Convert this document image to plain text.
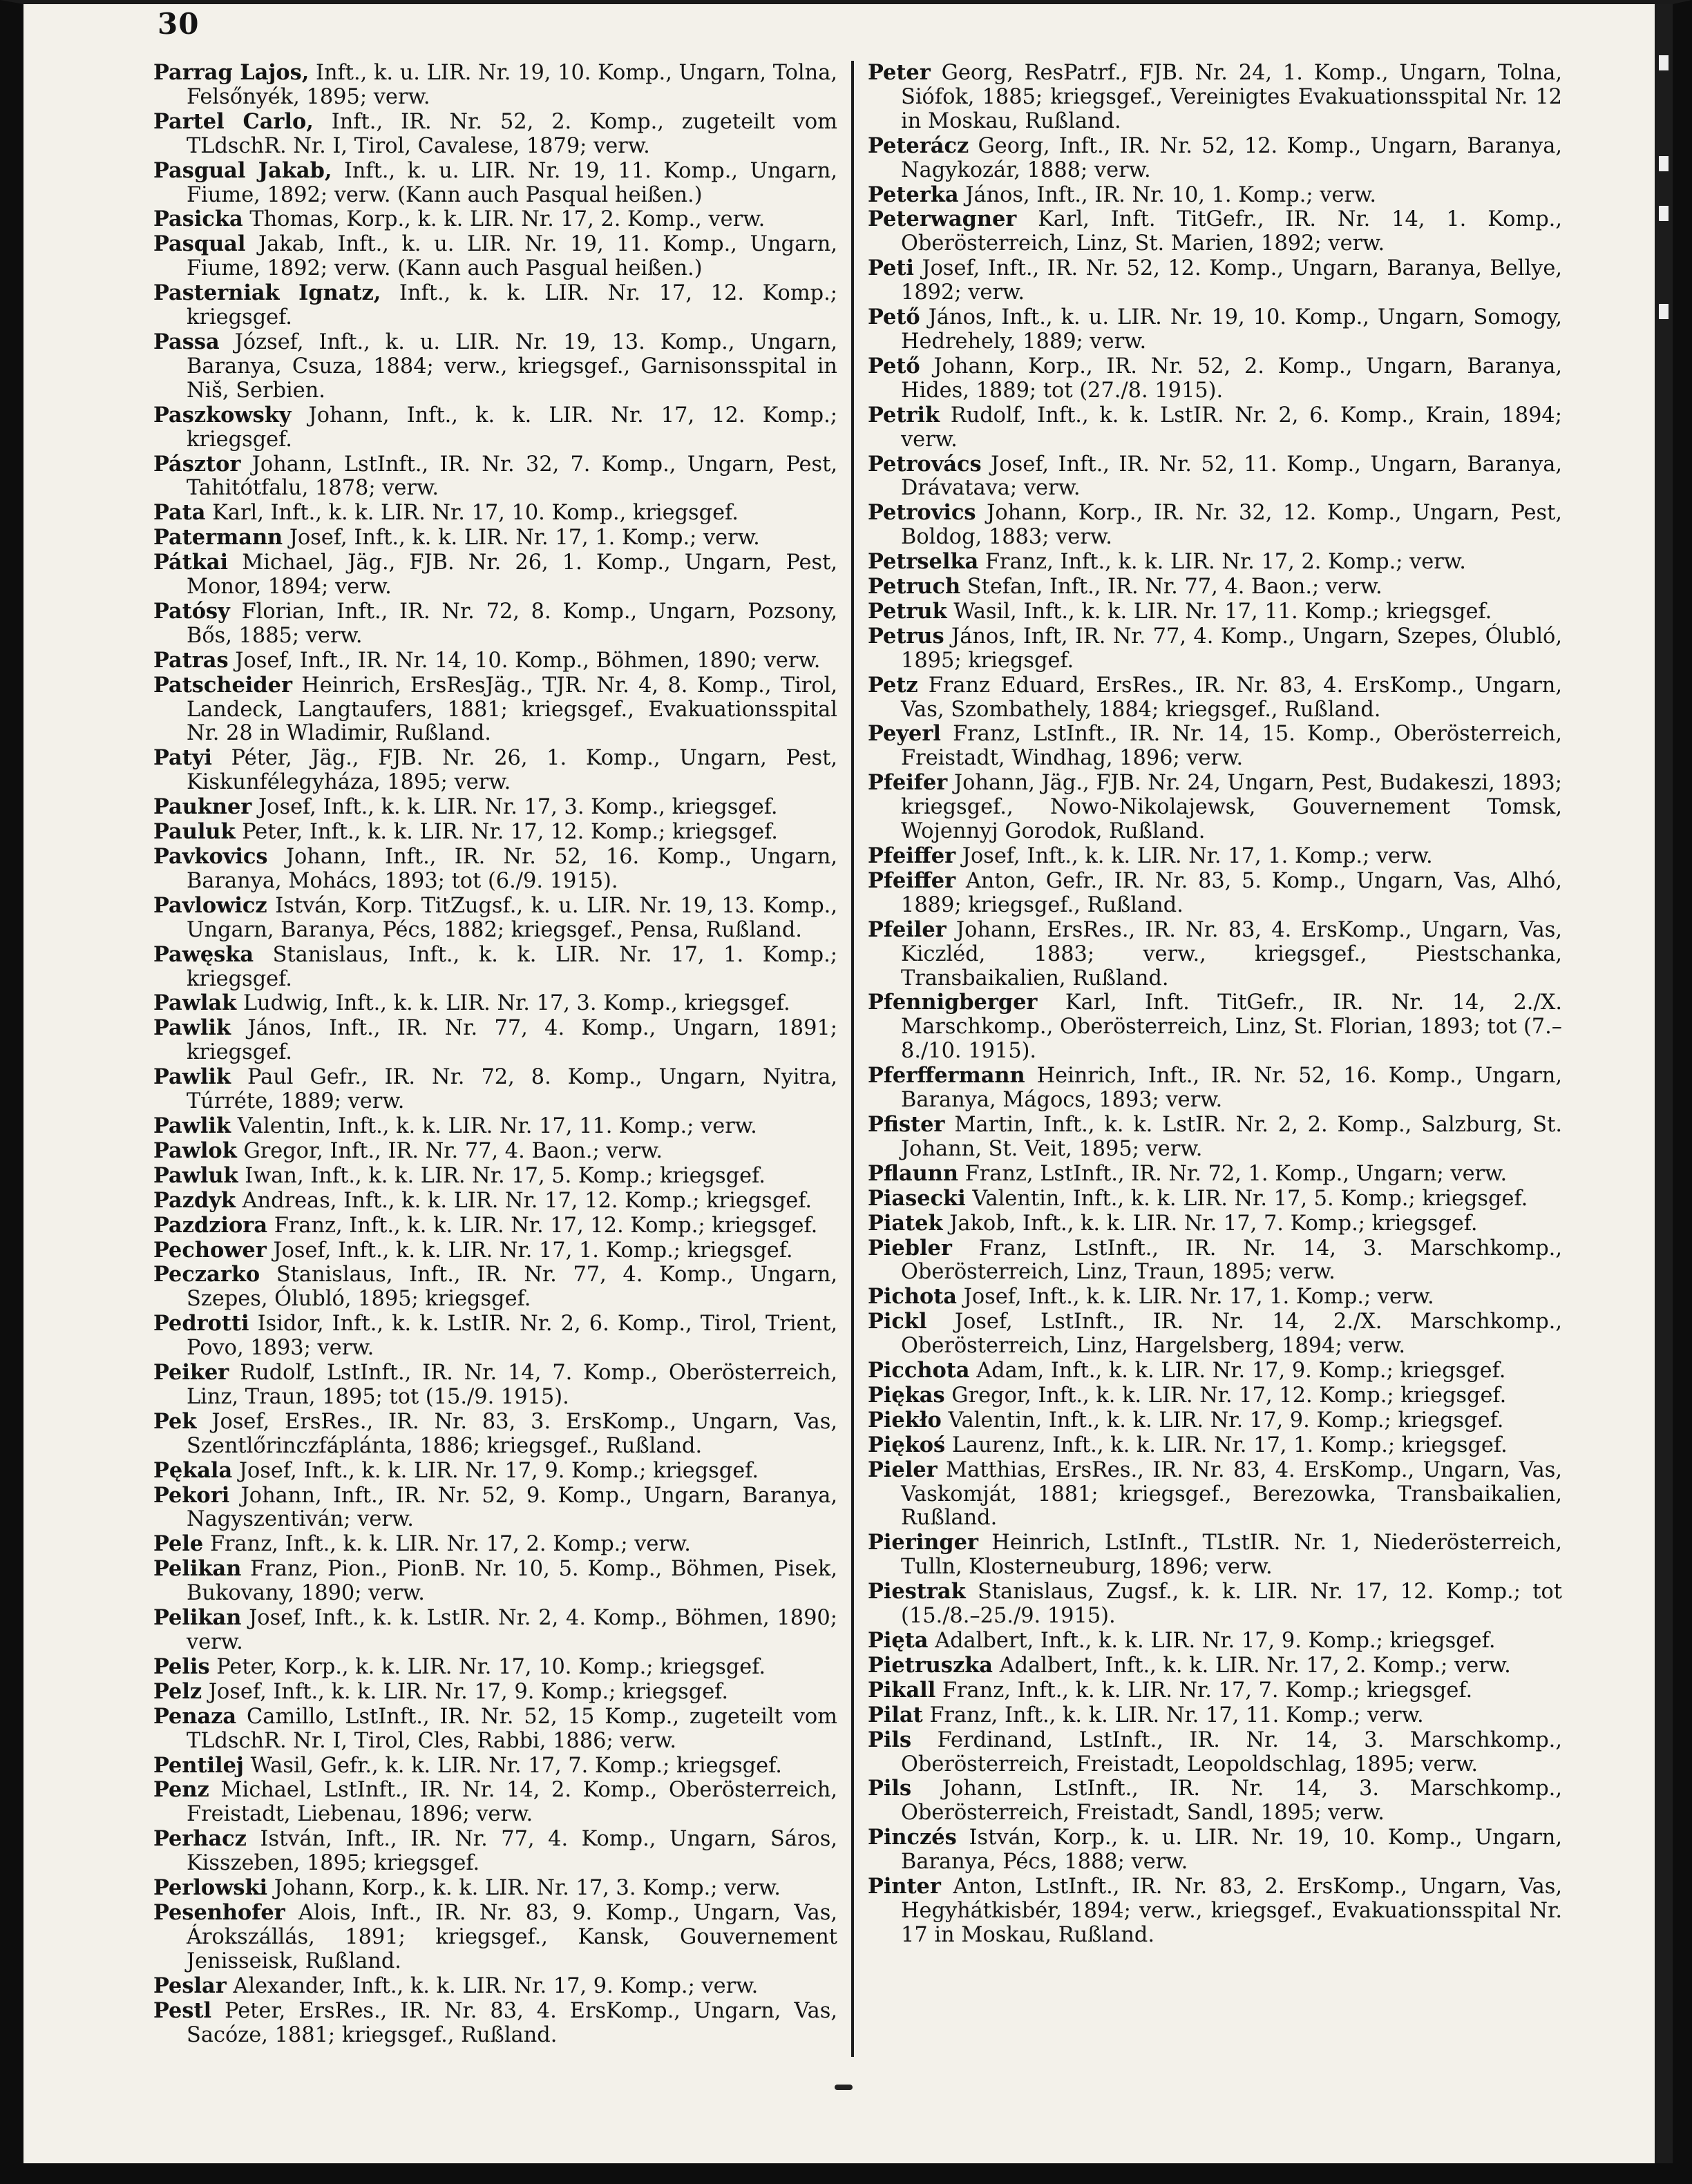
30

Parrag Lajos, Inft., k. u. LIR. Nr. 19, 10. Komp., Ungarn, Tolna, Felsőnyék, 1895; verw.

Partel Carlo, Inft., IR. Nr. 52, 2. Komp., zugeteilt vom TLdschR. Nr. I, Tirol, Cavalese, 1879; verw.

Pasgual Jakab, Inft., k. u. LIR. Nr. 19, 11. Komp., Ungarn, Fiume, 1892; verw. (Kann auch Pasqual heißen.)

Pasicka Thomas, Korp., k. k. LIR. Nr. 17, 2. Komp., verw.

Pasqual Jakab, Inft., k. u. LIR. Nr. 19, 11. Komp., Ungarn, Fiume, 1892; verw. (Kann auch Pasgual heißen.)

Pasterniak Ignatz, Inft., k. k. LIR. Nr. 17, 12. Komp.; kriegsgef.

Passa József, Inft., k. u. LIR. Nr. 19, 13. Komp., Ungarn, Baranya, Csuza, 1884; verw., kriegsgef., Garnisonsspital in Niš, Serbien.

Paszkowsky Johann, Inft., k. k. LIR. Nr. 17, 12. Komp.; kriegsgef.

Pásztor Johann, LstInft., IR. Nr. 32, 7. Komp., Ungarn, Pest, Tahitótfalu, 1878; verw.

Pata Karl, Inft., k. k. LIR. Nr. 17, 10. Komp., kriegsgef.

Patermann Josef, Inft., k. k. LIR. Nr. 17, 1. Komp.; verw.

Pátkai Michael, Jäg., FJB. Nr. 26, 1. Komp., Ungarn, Pest, Monor, 1894; verw.

Patósy Florian, Inft., IR. Nr. 72, 8. Komp., Ungarn, Pozsony, Bős, 1885; verw.

Patras Josef, Inft., IR. Nr. 14, 10. Komp., Böhmen, 1890; verw.

Patscheider Heinrich, ErsResJäg., TJR. Nr. 4, 8. Komp., Tirol, Landeck, Langtaufers, 1881; kriegsgef., Evakuationsspital Nr. 28 in Wladimir, Rußland.

Patyi Péter, Jäg., FJB. Nr. 26, 1. Komp., Ungarn, Pest, Kiskunfélegyháza, 1895; verw.

Paukner Josef, Inft., k. k. LIR. Nr. 17, 3. Komp., kriegsgef.

Pauluk Peter, Inft., k. k. LIR. Nr. 17, 12. Komp.; kriegsgef.

Pavkovics Johann, Inft., IR. Nr. 52, 16. Komp., Ungarn, Baranya, Mohács, 1893; tot (6./9. 1915).

Pavlowicz István, Korp. TitZugsf., k. u. LIR. Nr. 19, 13. Komp., Ungarn, Baranya, Pécs, 1882; kriegsgef., Pensa, Rußland.

Pawęska Stanislaus, Inft., k. k. LIR. Nr. 17, 1. Komp.; kriegsgef.

Pawlak Ludwig, Inft., k. k. LIR. Nr. 17, 3. Komp., kriegsgef.

Pawlik János, Inft., IR. Nr. 77, 4. Komp., Ungarn, 1891; kriegsgef.

Pawlik Paul Gefr., IR. Nr. 72, 8. Komp., Ungarn, Nyitra, Túrréte, 1889; verw.

Pawlik Valentin, Inft., k. k. LIR. Nr. 17, 11. Komp.; verw.

Pawlok Gregor, Inft., IR. Nr. 77, 4. Baon.; verw.

Pawluk Iwan, Inft., k. k. LIR. Nr. 17, 5. Komp.; kriegsgef.

Pazdyk Andreas, Inft., k. k. LIR. Nr. 17, 12. Komp.; kriegsgef.

Pazdziora Franz, Inft., k. k. LIR. Nr. 17, 12. Komp.; kriegsgef.

Pechower Josef, Inft., k. k. LIR. Nr. 17, 1. Komp.; kriegsgef.

Peczarko Stanislaus, Inft., IR. Nr. 77, 4. Komp., Ungarn, Szepes, Ólubló, 1895; kriegsgef.

Pedrotti Isidor, Inft., k. k. LstIR. Nr. 2, 6. Komp., Tirol, Trient, Povo, 1893; verw.

Peiker Rudolf, LstInft., IR. Nr. 14, 7. Komp., Oberösterreich, Linz, Traun, 1895; tot (15./9. 1915).

Pek Josef, ErsRes., IR. Nr. 83, 3. ErsKomp., Ungarn, Vas, Szentlőrinczfáplánta, 1886; kriegsgef., Rußland.

Pękala Josef, Inft., k. k. LIR. Nr. 17, 9. Komp.; kriegsgef.

Pekori Johann, Inft., IR. Nr. 52, 9. Komp., Ungarn, Baranya, Nagyszentiván; verw.

Pele Franz, Inft., k. k. LIR. Nr. 17, 2. Komp.; verw.

Pelikan Franz, Pion., PionB. Nr. 10, 5. Komp., Böhmen, Pisek, Bukovany, 1890; verw.

Pelikan Josef, Inft., k. k. LstIR. Nr. 2, 4. Komp., Böhmen, 1890; verw.

Pelis Peter, Korp., k. k. LIR. Nr. 17, 10. Komp.; kriegsgef.

Pelz Josef, Inft., k. k. LIR. Nr. 17, 9. Komp.; kriegsgef.

Penaza Camillo, LstInft., IR. Nr. 52, 15 Komp., zugeteilt vom TLdschR. Nr. I, Tirol, Cles, Rabbi, 1886; verw.

Pentilej Wasil, Gefr., k. k. LIR. Nr. 17, 7. Komp.; kriegsgef.

Penz Michael, LstInft., IR. Nr. 14, 2. Komp., Oberösterreich, Freistadt, Liebenau, 1896; verw.

Perhacz István, Inft., IR. Nr. 77, 4. Komp., Ungarn, Sáros, Kisszeben, 1895; kriegsgef.

Perlowski Johann, Korp., k. k. LIR. Nr. 17, 3. Komp.; verw.

Pesenhofer Alois, Inft., IR. Nr. 83, 9. Komp., Ungarn, Vas, Árokszállás, 1891; kriegsgef., Kansk, Gouvernement Jenisseisk, Rußland.

Peslar Alexander, Inft., k. k. LIR. Nr. 17, 9. Komp.; verw.

Pestl Peter, ErsRes., IR. Nr. 83, 4. ErsKomp., Ungarn, Vas, Sacóze, 1881; kriegsgef., Rußland.

Peter Georg, ResPatrf., FJB. Nr. 24, 1. Komp., Ungarn, Tolna, Siófok, 1885; kriegsgef., Vereinigtes Evakuationsspital Nr. 12 in Moskau, Rußland.

Peterácz Georg, Inft., IR. Nr. 52, 12. Komp., Ungarn, Baranya, Nagykozár, 1888; verw.

Peterka János, Inft., IR. Nr. 10, 1. Komp.; verw.

Peterwagner Karl, Inft. TitGefr., IR. Nr. 14, 1. Komp., Oberösterreich, Linz, St. Marien, 1892; verw.

Peti Josef, Inft., IR. Nr. 52, 12. Komp., Ungarn, Baranya, Bellye, 1892; verw.

Pető János, Inft., k. u. LIR. Nr. 19, 10. Komp., Ungarn, Somogy, Hedrehely, 1889; verw.

Pető Johann, Korp., IR. Nr. 52, 2. Komp., Ungarn, Baranya, Hides, 1889; tot (27./8. 1915).

Petrik Rudolf, Inft., k. k. LstIR. Nr. 2, 6. Komp., Krain, 1894; verw.

Petrovács Josef, Inft., IR. Nr. 52, 11. Komp., Ungarn, Baranya, Drávatava; verw.

Petrovics Johann, Korp., IR. Nr. 32, 12. Komp., Ungarn, Pest, Boldog, 1883; verw.

Petrselka Franz, Inft., k. k. LIR. Nr. 17, 2. Komp.; verw.

Petruch Stefan, Inft., IR. Nr. 77, 4. Baon.; verw.

Petruk Wasil, Inft., k. k. LIR. Nr. 17, 11. Komp.; kriegsgef.

Petrus János, Inft, IR. Nr. 77, 4. Komp., Ungarn, Szepes, Ólubló, 1895; kriegsgef.

Petz Franz Eduard, ErsRes., IR. Nr. 83, 4. ErsKomp., Ungarn, Vas, Szombathely, 1884; kriegsgef., Rußland.

Peyerl Franz, LstInft., IR. Nr. 14, 15. Komp., Oberösterreich, Freistadt, Windhag, 1896; verw.

Pfeifer Johann, Jäg., FJB. Nr. 24, Ungarn, Pest, Budakeszi, 1893; kriegsgef., Nowo-Nikolajewsk, Gouvernement Tomsk, Wojennyj Gorodok, Rußland.

Pfeiffer Josef, Inft., k. k. LIR. Nr. 17, 1. Komp.; verw.

Pfeiffer Anton, Gefr., IR. Nr. 83, 5. Komp., Ungarn, Vas, Alhó, 1889; kriegsgef., Rußland.

Pfeiler Johann, ErsRes., IR. Nr. 83, 4. ErsKomp., Ungarn, Vas, Kiczléd, 1883; verw., kriegsgef., Piestschanka, Transbaikalien, Rußland.

Pfennigberger Karl, Inft. TitGefr., IR. Nr. 14, 2./X. Marschkomp., Oberösterreich, Linz, St. Florian, 1893; tot (7.–8./10. 1915).

Pferffermann Heinrich, Inft., IR. Nr. 52, 16. Komp., Ungarn, Baranya, Mágocs, 1893; verw.

Pfister Martin, Inft., k. k. LstIR. Nr. 2, 2. Komp., Salzburg, St. Johann, St. Veit, 1895; verw.

Pflaunn Franz, LstInft., IR. Nr. 72, 1. Komp., Ungarn; verw.

Piasecki Valentin, Inft., k. k. LIR. Nr. 17, 5. Komp.; kriegsgef.

Piatek Jakob, Inft., k. k. LIR. Nr. 17, 7. Komp.; kriegsgef.

Piebler Franz, LstInft., IR. Nr. 14, 3. Marschkomp., Oberösterreich, Linz, Traun, 1895; verw.

Pichota Josef, Inft., k. k. LIR. Nr. 17, 1. Komp.; verw.

Pickl Josef, LstInft., IR. Nr. 14, 2./X. Marschkomp., Oberösterreich, Linz, Hargelsberg, 1894; verw.

Picchota Adam, Inft., k. k. LIR. Nr. 17, 9. Komp.; kriegsgef.

Piękas Gregor, Inft., k. k. LIR. Nr. 17, 12. Komp.; kriegsgef.

Piekło Valentin, Inft., k. k. LIR. Nr. 17, 9. Komp.; kriegsgef.

Piękoś Laurenz, Inft., k. k. LIR. Nr. 17, 1. Komp.; kriegsgef.

Pieler Matthias, ErsRes., IR. Nr. 83, 4. ErsKomp., Ungarn, Vas, Vaskomját, 1881; kriegsgef., Berezowka, Transbaikalien, Rußland.

Pieringer Heinrich, LstInft., TLstIR. Nr. 1, Niederösterreich, Tulln, Klosterneuburg, 1896; verw.

Piestrak Stanislaus, Zugsf., k. k. LIR. Nr. 17, 12. Komp.; tot (15./8.–25./9. 1915).

Pięta Adalbert, Inft., k. k. LIR. Nr. 17, 9. Komp.; kriegsgef.

Pietruszka Adalbert, Inft., k. k. LIR. Nr. 17, 2. Komp.; verw.

Pikall Franz, Inft., k. k. LIR. Nr. 17, 7. Komp.; kriegsgef.

Pilat Franz, Inft., k. k. LIR. Nr. 17, 11. Komp.; verw.

Pils Ferdinand, LstInft., IR. Nr. 14, 3. Marschkomp., Oberösterreich, Freistadt, Leopoldschlag, 1895; verw.

Pils Johann, LstInft., IR. Nr. 14, 3. Marschkomp., Oberösterreich, Freistadt, Sandl, 1895; verw.

Pinczés István, Korp., k. u. LIR. Nr. 19, 10. Komp., Ungarn, Baranya, Pécs, 1888; verw.

Pinter Anton, LstInft., IR. Nr. 83, 2. ErsKomp., Ungarn, Vas, Hegyhátkisbér, 1894; verw., kriegsgef., Evakuationsspital Nr. 17 in Moskau, Rußland.
